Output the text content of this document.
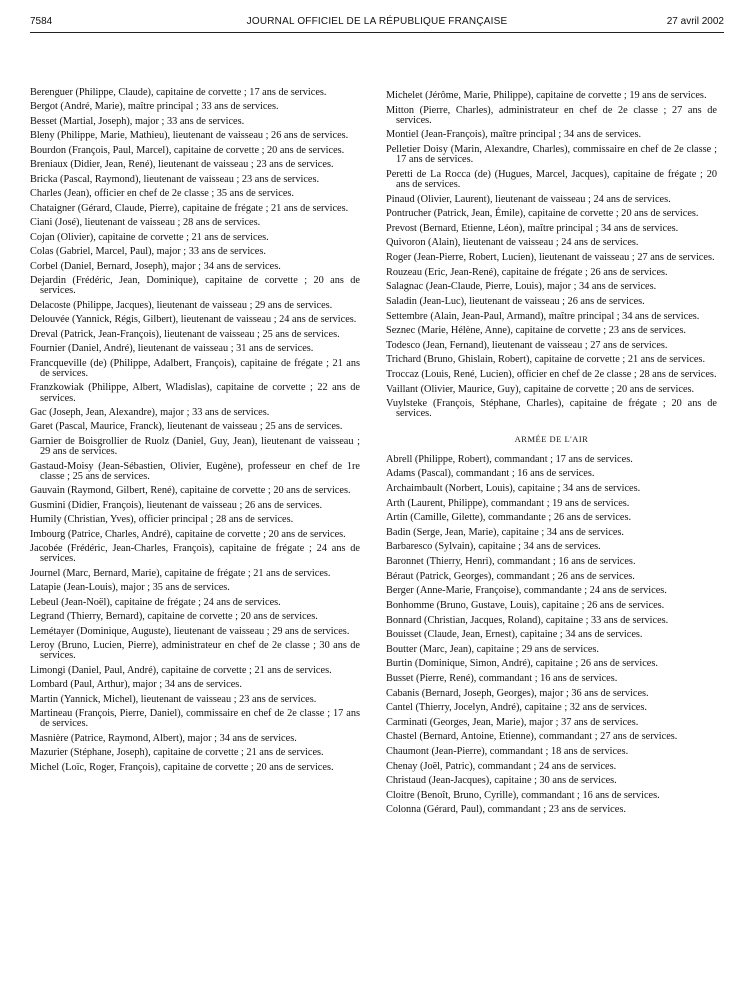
7584	JOURNAL OFFICIEL DE LA RÉPUBLIQUE FRANÇAISE	27 avril 2002
Berenguer (Philippe, Claude), capitaine de corvette ; 17 ans de services.
Bergot (André, Marie), maître principal ; 33 ans de services.
Besset (Martial, Joseph), major ; 33 ans de services.
Bleny (Philippe, Marie, Mathieu), lieutenant de vaisseau ; 26 ans de services.
Bourdon (François, Paul, Marcel), capitaine de corvette ; 20 ans de services.
Breniaux (Didier, Jean, René), lieutenant de vaisseau ; 23 ans de services.
Bricka (Pascal, Raymond), lieutenant de vaisseau ; 23 ans de services.
Charles (Jean), officier en chef de 2e classe ; 35 ans de services.
Chataigner (Gérard, Claude, Pierre), capitaine de frégate ; 21 ans de services.
Ciani (José), lieutenant de vaisseau ; 28 ans de services.
Cojan (Olivier), capitaine de corvette ; 21 ans de services.
Colas (Gabriel, Marcel, Paul), major ; 33 ans de services.
Corbel (Daniel, Bernard, Joseph), major ; 34 ans de services.
Dejardin (Frédéric, Jean, Dominique), capitaine de corvette ; 20 ans de services.
Delacoste (Philippe, Jacques), lieutenant de vaisseau ; 29 ans de services.
Delouvée (Yannick, Régis, Gilbert), lieutenant de vaisseau ; 24 ans de services.
Dreval (Patrick, Jean-François), lieutenant de vaisseau ; 25 ans de services.
Fournier (Daniel, André), lieutenant de vaisseau ; 31 ans de services.
Francqueville (de) (Philippe, Adalbert, François), capitaine de frégate ; 21 ans de services.
Franzkowiak (Philippe, Albert, Wladislas), capitaine de corvette ; 22 ans de services.
Gac (Joseph, Jean, Alexandre), major ; 33 ans de services.
Garet (Pascal, Maurice, Franck), lieutenant de vaisseau ; 25 ans de services.
Garnier de Boisgrollier de Ruolz (Daniel, Guy, Jean), lieutenant de vaisseau ; 29 ans de services.
Gastaud-Moisy (Jean-Sébastien, Olivier, Eugène), professeur en chef de 1re classe ; 25 ans de services.
Gauvain (Raymond, Gilbert, René), capitaine de corvette ; 20 ans de services.
Gusmini (Didier, François), lieutenant de vaisseau ; 26 ans de services.
Humily (Christian, Yves), officier principal ; 28 ans de services.
Imbourg (Patrice, Charles, André), capitaine de corvette ; 20 ans de services.
Jacobée (Frédéric, Jean-Charles, François), capitaine de frégate ; 24 ans de services.
Journel (Marc, Bernard, Marie), capitaine de frégate ; 21 ans de services.
Latapie (Jean-Louis), major ; 35 ans de services.
Lebeul (Jean-Noël), capitaine de frégate ; 24 ans de services.
Legrand (Thierry, Bernard), capitaine de corvette ; 20 ans de services.
Lemétayer (Dominique, Auguste), lieutenant de vaisseau ; 29 ans de services.
Leroy (Bruno, Lucien, Pierre), administrateur en chef de 2e classe ; 30 ans de services.
Limongi (Daniel, Paul, André), capitaine de corvette ; 21 ans de services.
Lombard (Paul, Arthur), major ; 34 ans de services.
Martin (Yannick, Michel), lieutenant de vaisseau ; 23 ans de services.
Martineau (François, Pierre, Daniel), commissaire en chef de 2e classe ; 17 ans de services.
Masnière (Patrice, Raymond, Albert), major ; 34 ans de services.
Mazurier (Stéphane, Joseph), capitaine de corvette ; 21 ans de services.
Michel (Loïc, Roger, François), capitaine de corvette ; 20 ans de services.
Michelet (Jérôme, Marie, Philippe), capitaine de corvette ; 19 ans de services.
Mitton (Pierre, Charles), administrateur en chef de 2e classe ; 27 ans de services.
Montiel (Jean-François), maître principal ; 34 ans de services.
Pelletier Doisy (Marin, Alexandre, Charles), commissaire en chef de 2e classe ; 17 ans de services.
Peretti de La Rocca (de) (Hugues, Marcel, Jacques), capitaine de frégate ; 20 ans de services.
Pinaud (Olivier, Laurent), lieutenant de vaisseau ; 24 ans de services.
Pontrucher (Patrick, Jean, Émile), capitaine de corvette ; 20 ans de services.
Prevost (Bernard, Etienne, Léon), maître principal ; 34 ans de services.
Quivoron (Alain), lieutenant de vaisseau ; 24 ans de services.
Roger (Jean-Pierre, Robert, Lucien), lieutenant de vaisseau ; 27 ans de services.
Rouzeau (Eric, Jean-René), capitaine de frégate ; 26 ans de services.
Salagnac (Jean-Claude, Pierre, Louis), major ; 34 ans de services.
Saladin (Jean-Luc), lieutenant de vaisseau ; 26 ans de services.
Settembre (Alain, Jean-Paul, Armand), maître principal ; 34 ans de services.
Seznec (Marie, Hélène, Anne), capitaine de corvette ; 23 ans de services.
Todesco (Jean, Fernand), lieutenant de vaisseau ; 27 ans de services.
Trichard (Bruno, Ghislain, Robert), capitaine de corvette ; 21 ans de services.
Troccaz (Louis, René, Lucien), officier en chef de 2e classe ; 28 ans de services.
Vaillant (Olivier, Maurice, Guy), capitaine de corvette ; 20 ans de services.
Vuylsteke (François, Stéphane, Charles), capitaine de frégate ; 20 ans de services.
ARMÉE DE L'AIR
Abrell (Philippe, Robert), commandant ; 17 ans de services.
Adams (Pascal), commandant ; 16 ans de services.
Archaimbault (Norbert, Louis), capitaine ; 34 ans de services.
Arth (Laurent, Philippe), commandant ; 19 ans de services.
Artin (Camille, Gilette), commandante ; 26 ans de services.
Badin (Serge, Jean, Marie), capitaine ; 34 ans de services.
Barbaresco (Sylvain), capitaine ; 34 ans de services.
Baronnet (Thierry, Henri), commandant ; 16 ans de services.
Béraut (Patrick, Georges), commandant ; 26 ans de services.
Berger (Anne-Marie, Françoise), commandante ; 24 ans de services.
Bonhomme (Bruno, Gustave, Louis), capitaine ; 26 ans de services.
Bonnard (Christian, Jacques, Roland), capitaine ; 33 ans de services.
Bouisset (Claude, Jean, Ernest), capitaine ; 34 ans de services.
Boutter (Marc, Jean), capitaine ; 29 ans de services.
Burtin (Dominique, Simon, André), capitaine ; 26 ans de services.
Busset (Pierre, René), commandant ; 16 ans de services.
Cabanis (Bernard, Joseph, Georges), major ; 36 ans de services.
Cantel (Thierry, Jocelyn, André), capitaine ; 32 ans de services.
Carminati (Georges, Jean, Marie), major ; 37 ans de services.
Chastel (Bernard, Antoine, Etienne), commandant ; 27 ans de services.
Chaumont (Jean-Pierre), commandant ; 18 ans de services.
Chenay (Joël, Patric), commandant ; 24 ans de services.
Christaud (Jean-Jacques), capitaine ; 30 ans de services.
Cloitre (Benoît, Bruno, Cyrille), commandant ; 16 ans de services.
Colonna (Gérard, Paul), commandant ; 23 ans de services.
